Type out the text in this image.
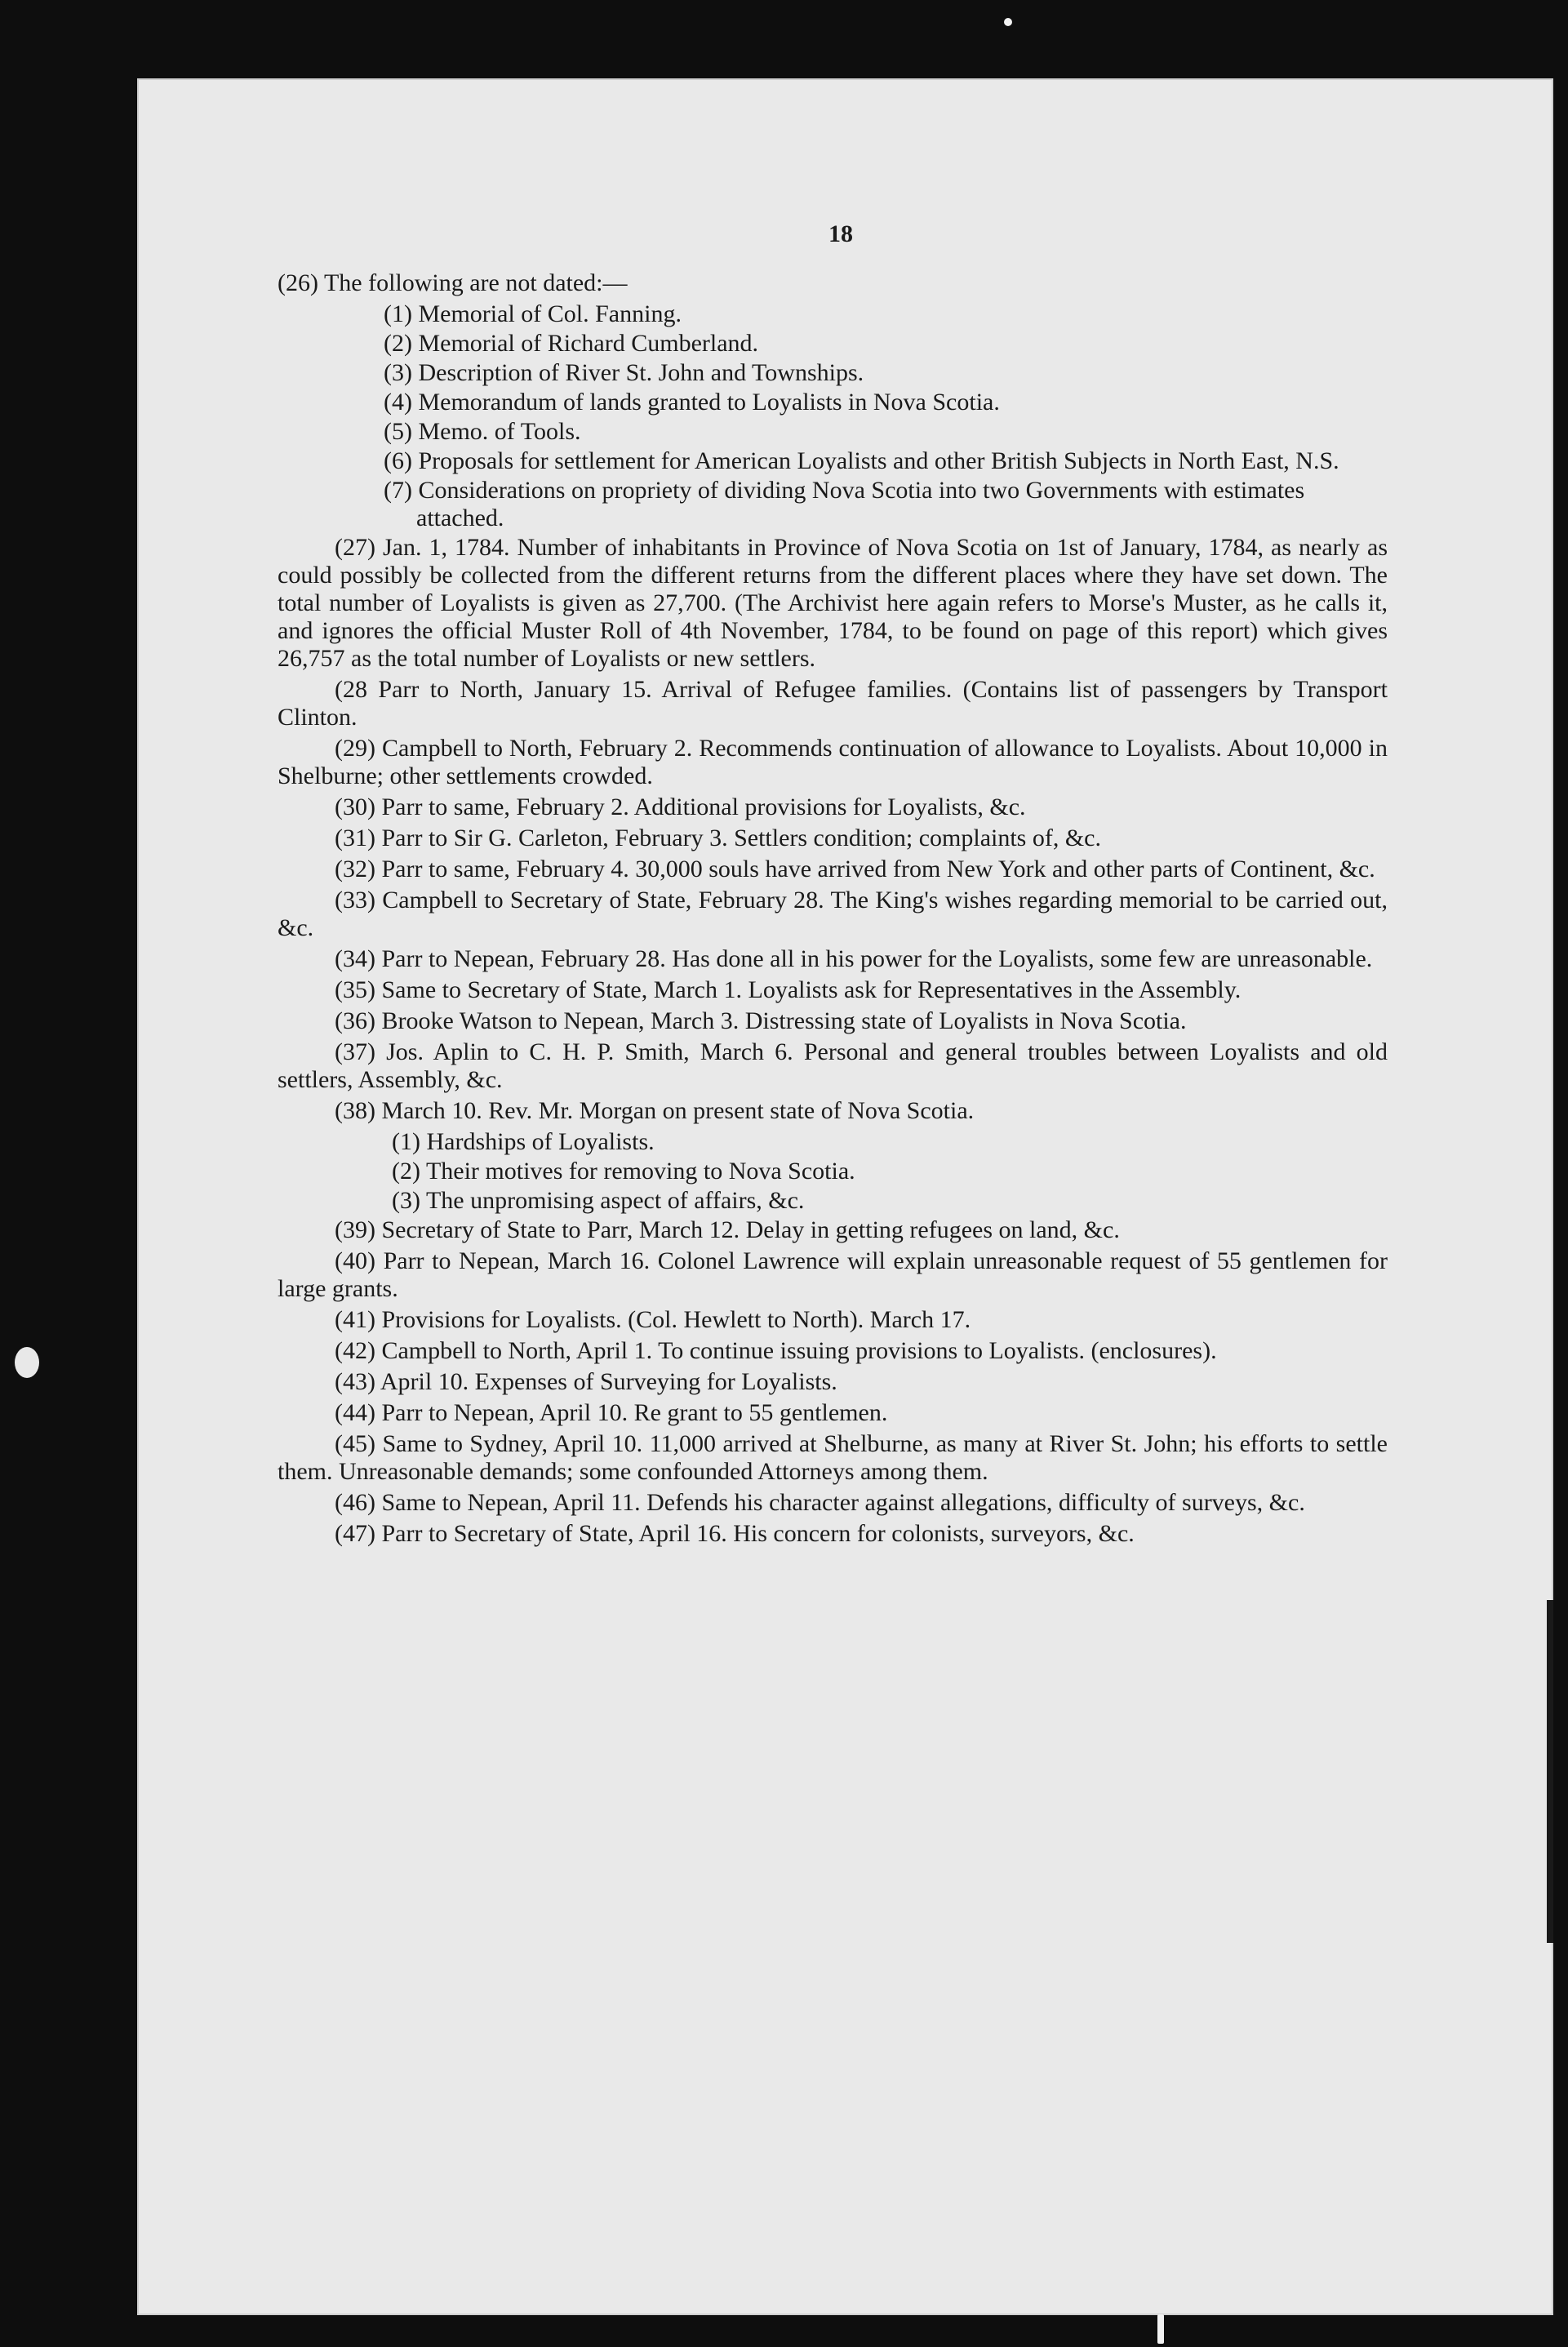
18
(26) The following are not dated:—
(1) Memorial of Col. Fanning.
(2) Memorial of Richard Cumberland.
(3) Description of River St. John and Townships.
(4) Memorandum of lands granted to Loyalists in Nova Scotia.
(5) Memo. of Tools.
(6) Proposals for settlement for American Loyalists and other British Subjects in North East, N.S.
(7) Considerations on propriety of dividing Nova Scotia into two Governments with estimates attached.
(27) Jan. 1, 1784. Number of inhabitants in Province of Nova Scotia on 1st of January, 1784, as nearly as could possibly be collected from the different returns from the different places where they have set down. The total number of Loyalists is given as 27,700. (The Archivist here again refers to Morse's Muster, as he calls it, and ignores the official Muster Roll of 4th November, 1784, to be found on page of this report) which gives 26,757 as the total number of Loyalists or new settlers.
(28 Parr to North, January 15. Arrival of Refugee families. (Contains list of passengers by Transport Clinton.
(29) Campbell to North, February 2. Recommends continuation of allowance to Loyalists. About 10,000 in Shelburne; other settlements crowded.
(30) Parr to same, February 2. Additional provisions for Loyalists, &c.
(31) Parr to Sir G. Carleton, February 3. Settlers condition; complaints of, &c.
(32) Parr to same, February 4. 30,000 souls have arrived from New York and other parts of Continent, &c.
(33) Campbell to Secretary of State, February 28. The King's wishes regarding memorial to be carried out, &c.
(34) Parr to Nepean, February 28. Has done all in his power for the Loyalists, some few are unreasonable.
(35) Same to Secretary of State, March 1. Loyalists ask for Representatives in the Assembly.
(36) Brooke Watson to Nepean, March 3. Distressing state of Loyalists in Nova Scotia.
(37) Jos. Aplin to C. H. P. Smith, March 6. Personal and general troubles between Loyalists and old settlers, Assembly, &c.
(38) March 10. Rev. Mr. Morgan on present state of Nova Scotia.
(1) Hardships of Loyalists.
(2) Their motives for removing to Nova Scotia.
(3) The unpromising aspect of affairs, &c.
(39) Secretary of State to Parr, March 12. Delay in getting refugees on land, &c.
(40) Parr to Nepean, March 16. Colonel Lawrence will explain unreasonable request of 55 gentlemen for large grants.
(41) Provisions for Loyalists. (Col. Hewlett to North). March 17.
(42) Campbell to North, April 1. To continue issuing provisions to Loyalists. (enclosures).
(43) April 10. Expenses of Surveying for Loyalists.
(44) Parr to Nepean, April 10. Re grant to 55 gentlemen.
(45) Same to Sydney, April 10. 11,000 arrived at Shelburne, as many at River St. John; his efforts to settle them. Unreasonable demands; some confounded Attorneys among them.
(46) Same to Nepean, April 11. Defends his character against allegations, difficulty of surveys, &c.
(47) Parr to Secretary of State, April 16. His concern for colonists, surveyors, &c.
